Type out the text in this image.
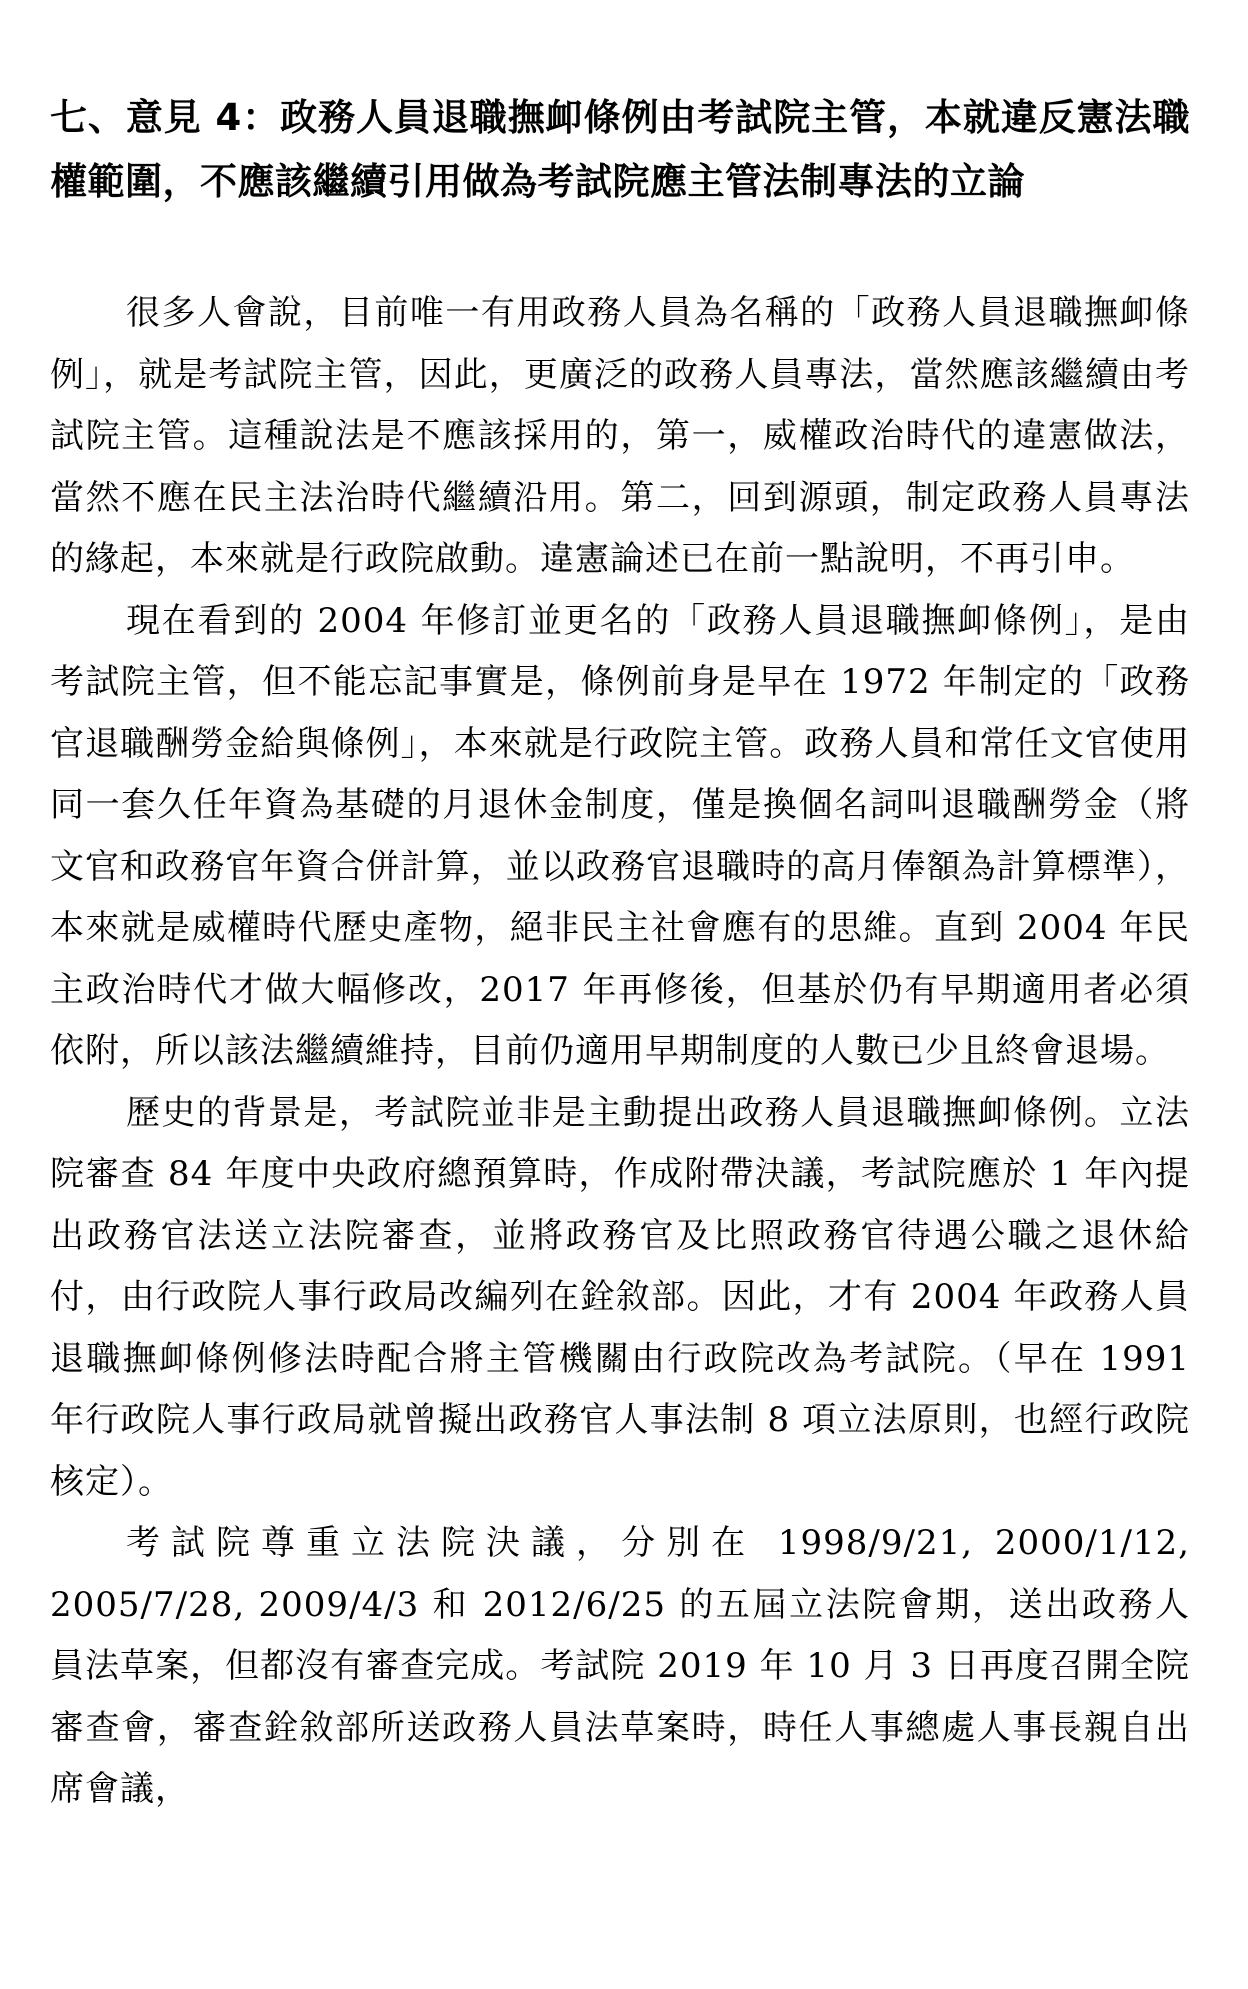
七、意見 4：政務人員退職撫卹條例由考試院主管，本就違反憲法職權範圍，不應該繼續引用做為考試院應主管法制專法的立論

很多人會說，目前唯一有用政務人員為名稱的「政務人員退職撫卹條例」，就是考試院主管，因此，更廣泛的政務人員專法，當然應該繼續由考試院主管。這種說法是不應該採用的，第一，威權政治時代的違憲做法，當然不應在民主法治時代繼續沿用。第二，回到源頭，制定政務人員專法的緣起，本來就是行政院啟動。違憲論述已在前一點說明，不再引申。

現在看到的 2004 年修訂並更名的「政務人員退職撫卹條例」，是由考試院主管，但不能忘記事實是，條例前身是早在 1972 年制定的「政務官退職酬勞金給與條例」，本來就是行政院主管。政務人員和常任文官使用同一套久任年資為基礎的月退休金制度，僅是換個名詞叫退職酬勞金（將文官和政務官年資合併計算，並以政務官退職時的高月俸額為計算標準），本來就是威權時代歷史產物，絕非民主社會應有的思維。直到 2004 年民主政治時代才做大幅修改，2017 年再修後，但基於仍有早期適用者必須依附，所以該法繼續維持，目前仍適用早期制度的人數已少且終會退場。

歷史的背景是，考試院並非是主動提出政務人員退職撫卹條例。立法院審查 84 年度中央政府總預算時，作成附帶決議，考試院應於 1 年內提出政務官法送立法院審查，並將政務官及比照政務官待遇公職之退休給付，由行政院人事行政局改編列在銓敘部。因此，才有 2004 年政務人員退職撫卹條例修法時配合將主管機關由行政院改為考試院。（早在 1991 年行政院人事行政局就曾擬出政務官人事法制 8 項立法原則，也經行政院核定）。

考試院尊重立法院決議，分別在 1998/9/21, 2000/1/12, 2005/7/28, 2009/4/3 和 2012/6/25 的五屆立法院會期，送出政務人員法草案，但都沒有審查完成。考試院 2019 年 10 月 3 日再度召開全院審查會，審查銓敘部所送政務人員法草案時，時任人事總處人事長親自出席會議，
